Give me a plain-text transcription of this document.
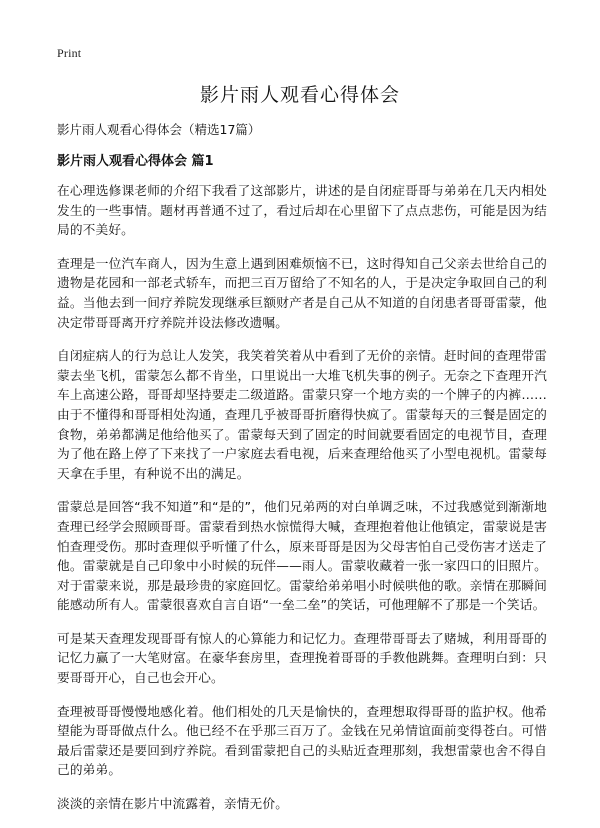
Print
影片雨人观看心得体会

影片雨人观看心得体会（精选17篇）

影片雨人观看心得体会 篇1

在心理选修课老师的介绍下我看了这部影片，讲述的是自闭症哥哥与弟弟在几天内相处发生的一些事情。题材再普通不过了，看过后却在心里留下了点点悲伤，可能是因为结局的不美好。

查理是一位汽车商人，因为生意上遇到困难烦恼不已，这时得知自己父亲去世给自己的遗物是花园和一部老式轿车，而把三百万留给了不知名的人，于是决定争取回自己的利益。当他去到一间疗养院发现继承巨额财产者是自己从不知道的自闭患者哥哥雷蒙，他决定带哥哥离开疗养院并设法修改遗嘱。

自闭症病人的行为总让人发笑，我笑着笑着从中看到了无价的亲情。赶时间的查理带雷蒙去坐飞机，雷蒙怎么都不肯坐，口里说出一大堆飞机失事的例子。无奈之下查理开汽车上高速公路，哥哥却坚持要走二级道路。雷蒙只穿一个地方卖的一个牌子的内裤……由于不懂得和哥哥相处沟通，查理几乎被哥哥折磨得快疯了。雷蒙每天的三餐是固定的食物，弟弟都满足他给他买了。雷蒙每天到了固定的时间就要看固定的电视节目，查理为了他在路上停了下来找了一户家庭去看电视，后来查理给他买了小型电视机。雷蒙每天拿在手里，有种说不出的满足。

雷蒙总是回答“我不知道”和“是的”，他们兄弟两的对白单调乏味，不过我感觉到渐渐地查理已经学会照顾哥哥。雷蒙看到热水惊慌得大喊，查理抱着他让他镇定，雷蒙说是害怕查理受伤。那时查理似乎听懂了什么，原来哥哥是因为父母害怕自己受伤害才送走了他。雷蒙就是自己印象中小时候的玩伴——雨人。雷蒙收藏着一张一家四口的旧照片。对于雷蒙来说，那是最珍贵的家庭回忆。雷蒙给弟弟唱小时候哄他的歌。亲情在那瞬间能感动所有人。雷蒙很喜欢自言自语“一垒二垒”的笑话，可他理解不了那是一个笑话。

可是某天查理发现哥哥有惊人的心算能力和记忆力。查理带哥哥去了赌城，利用哥哥的记忆力赢了一大笔财富。在豪华套房里，查理挽着哥哥的手教他跳舞。查理明白到：只要哥哥开心，自己也会开心。

查理被哥哥慢慢地感化着。他们相处的几天是愉快的，查理想取得哥哥的监护权。他希望能为哥哥做点什么。他已经不在乎那三百万了。金钱在兄弟情谊面前变得苍白。可惜最后雷蒙还是要回到疗养院。看到雷蒙把自己的头贴近查理那刻，我想雷蒙也舍不得自己的弟弟。

淡淡的亲情在影片中流露着，亲情无价。
